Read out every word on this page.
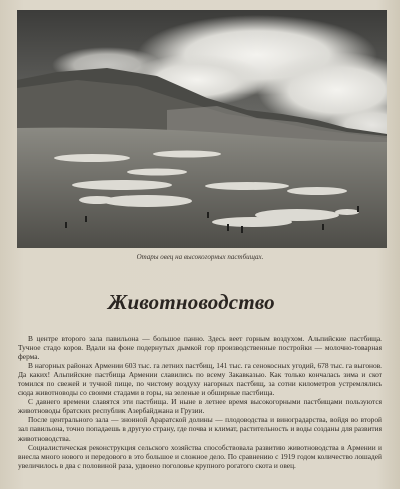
Отары овец на высокогорных пастбищах.
Животноводство

В центре второго зала павильона — большое панно. Здесь веет горным воздухом. Альпийские пастбища. Тучное стадо коров. Вдали на фоне подернутых дымкой гор производственные постройки — молочно-товарная ферма.

В нагорных районах Армении 603 тыс. га летних пастбищ, 141 тыс. га сенокосных угодий, 678 тыс. га выгонов. Да каких! Альпийские пастбища Армении славились по всему Закавказью. Как только кончалась зима и скот томился по свежей и тучной пище, по чистому воздуху нагорных пастбищ, за сотни километров устремлялись сюда животноводы со своими стадами в горы, на зеленые и обширные пастбища.

С давнего времени славятся эти пастбища. И ныне в летнее время высокогорными пастбищами пользуются животноводы братских республик Азербайджана и Грузии.

После центрального зала — зноиной Араратской долины — плодоводства и виноградарства, войдя во второй зал павильона, точно попадаешь в другую страну, где почва и климат, растительность и воды созданы для развития животноводства.

Социалистическая реконструкция сельского хозяйства способствовала развитию животноводства в Армении и внесла много нового и передового в это большое и сложное дело. По сравнению с 1919 годом количество лошадей увеличилось в два с половиной раза, удвоено поголовье крупного рогатого скота и овец.
